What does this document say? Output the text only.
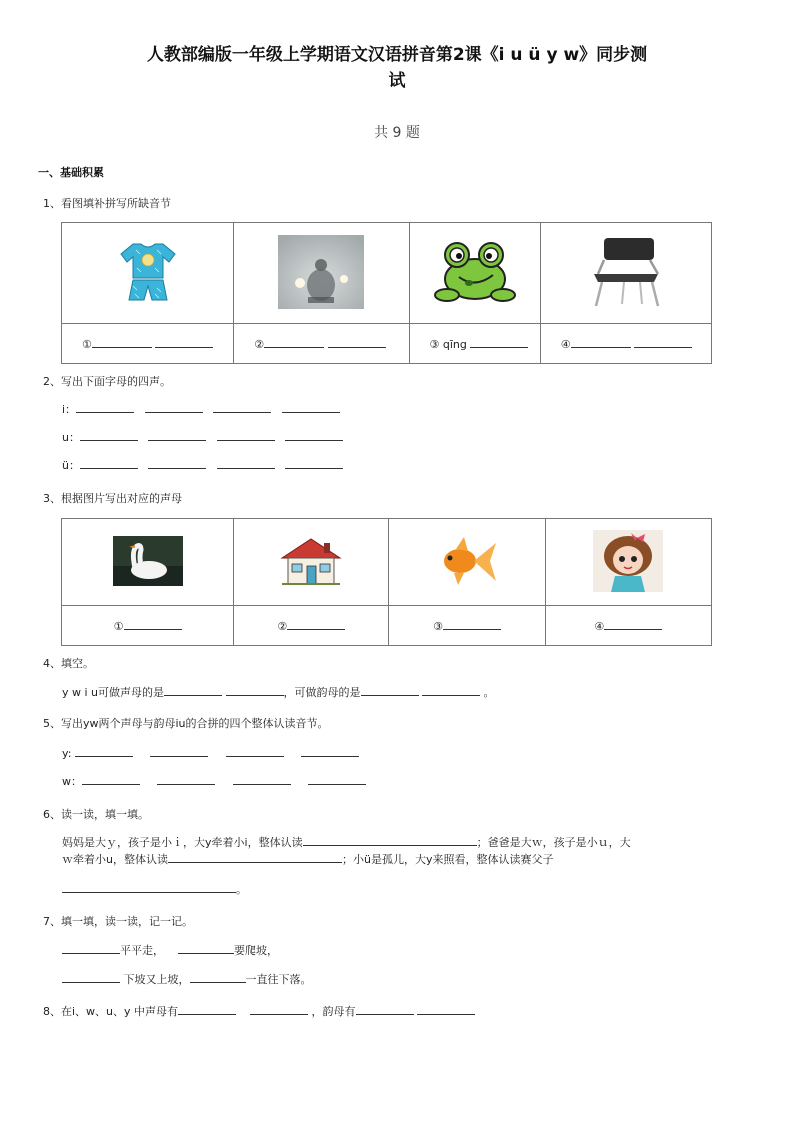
人教部编版一年级上学期语文汉语拼音第2课《i u ü y w》同步测
试
共 9 题
一、基础积累
1、看图填补拼写所缺音节

①	②	③ qīng	④
2、写出下面字母的四声。
i：
u：
ü：
3、根据图片写出对应的声母

①	②	③	④
4、填空。
y w i u可做声母的是	，可做韵母的是	。
5、写出yw两个声母与韵母iu的合拼的四个整体认读音节。
y:
w：
6、读一读，填一填。
妈妈是大ｙ，孩子是小ｉ，大y牵着小i，整体认读	；爸爸是大ｗ，孩子是小ｕ，大
ｗ牵着小u，整体认读	；小ü是孤儿，大y来照看，整体认读赛父子
。
7、填一填，读一读，记一记。
平平走，	要爬坡，
下坡又上坡，	一直往下落。
8、在i、w、u、y 中声母有	，韵母有
